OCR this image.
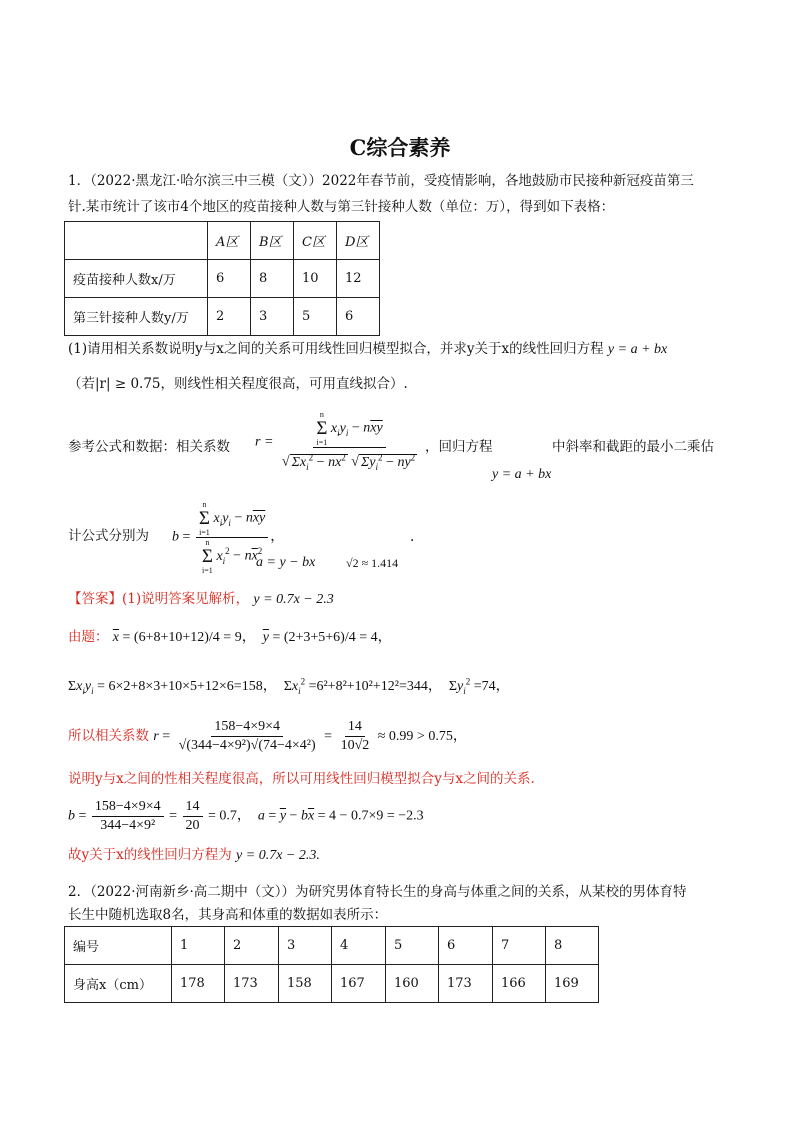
C综合素养
1．（2022·黑龙江·哈尔滨三中三模（文））2022年春节前，受疫情影响，各地鼓励市民接种新冠疫苗第三
针.某市统计了该市4个地区的疫苗接种人数与第三针接种人数（单位：万），得到如下表格：
	A区	B区	C区	D区
疫苗接种人数x/万	6	8	10	12
第三针接种人数y/万	2	3	5	6
(1)请用相关系数说明y与x之间的关系可用线性回归模型拟合，并求y关于x的线性回归方程 y = a + bx
（若|r| ≥ 0.75，则线性相关程度很高，可用直线拟合）.
参考公式和数据：相关系数 r = n
Σ
i=1
$x_iy_i - n\overline{xy}$
√ $\Sigma x_i^2 - n\overline{x}^2$ √ $\Sigma y_i^2 - n\overline{y}^2$ ，回归方程	中斜率和截距的最小二乘估
y = a + bx
计公式分别为 b = n
Σ
i=1
$x_iy_i - n\overline{xy}$
n
Σ
i=1
$x_i^2 - n\overline{x}^2$ ，
a = y − bx	√2 ≈ 1.414
.
【答案】(1)说明答案见解析， y = 0.7x − 2.3
由题： $\overline{x} = (6+8+10+12)/4 = 9$，  $\overline{y} = (2+3+5+6)/4 = 4$，
$\Sigma x_iy_i = 6\times 2+8\times 3+10\times 5+12\times 6=158$，  $\Sigma x_i^2 =6^2+8^2+10^2+12^2=344$，  $\Sigma y_i^2 =74$，
所以相关系数 $r = \frac{158-4\times 9\times 4}{\text{√(344−4×9²)√(74−4×4²)}} = \frac{14}{10√2} \approx 0.99 > 0.75$，
说明y与x之间的性相关程度很高，所以可用线性回归模型拟合y与x之间的关系.
$b = \frac{158-4\times 9\times 4}{\text{344−4×9²}} = \frac{14}{20} = 0.7$，  $a = \overline{y} - b\overline{x} = 4 - 0.7\times 9 = -2.3$
故y关于x的线性回归方程为 y = 0.7x − 2.3.
2．（2022·河南新乡·高二期中（文））为研究男体育特长生的身高与体重之间的关系，从某校的男体育特
长生中随机选取8名，其身高和体重的数据如表所示：
编号	1	2	3	4	5	6	7	8
身高x（cm）	178	173	158	167	160	173	166	169
